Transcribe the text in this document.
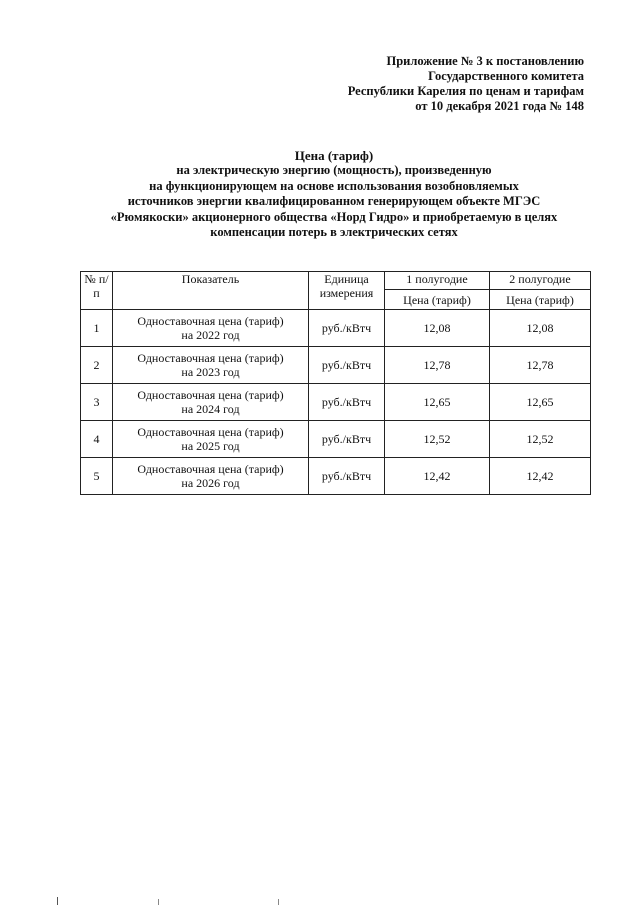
Приложение № 3 к постановлению
Государственного комитета
Республики Карелия по ценам и тарифам
от 10 декабря 2021 года № 148
Цена (тариф)
на электрическую энергию (мощность), произведенную
на функционирующем на основе использования возобновляемых
источников энергии квалифицированном генерирующем объекте МГЭС
«Рюмякоски» акционерного общества «Норд Гидро» и приобретаемую в целях
компенсации потерь в электрических сетях
№ п/п	Показатель	Единица измерения	1 полугодие	2 полугодие
			Цена (тариф)	Цена (тариф)
1	Одноставочная цена (тариф)
на 2022 год	руб./кВтч	12,08	12,08
2	Одноставочная цена (тариф)
на 2023 год	руб./кВтч	12,78	12,78
3	Одноставочная цена (тариф)
на 2024 год	руб./кВтч	12,65	12,65
4	Одноставочная цена (тариф)
на 2025 год	руб./кВтч	12,52	12,52
5	Одноставочная цена (тариф)
на 2026 год	руб./кВтч	12,42	12,42
